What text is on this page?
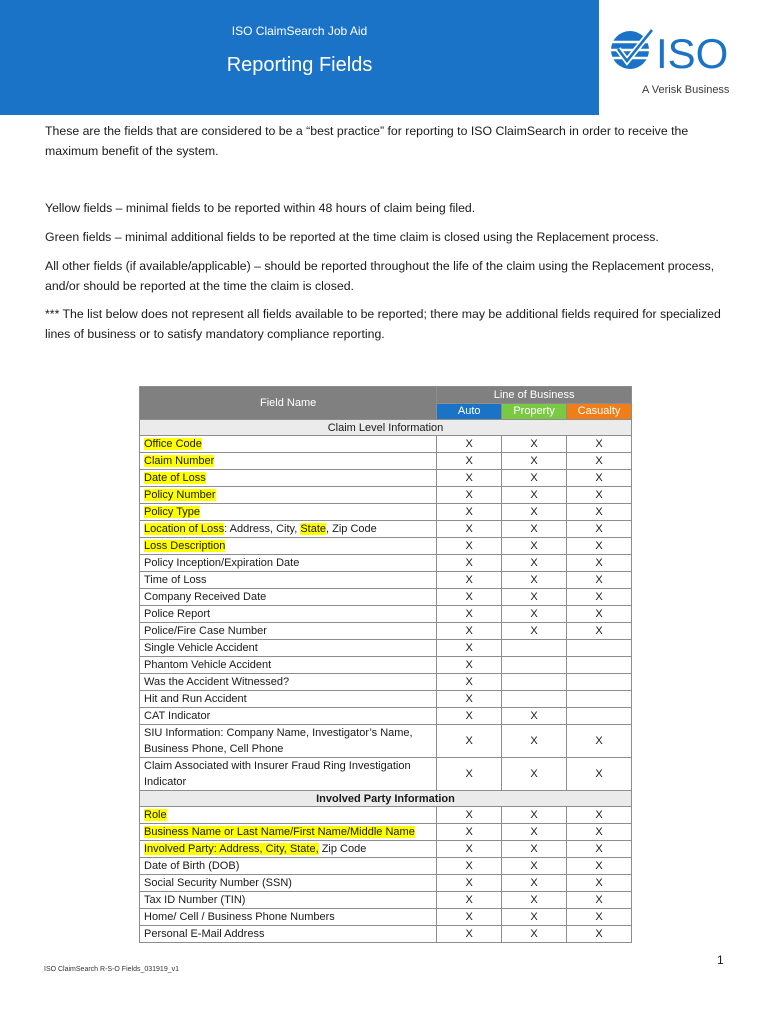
ISO ClaimSearch Job Aid
Reporting Fields	ISO
A Verisk Business

These are the fields that are considered to be a “best practice” for reporting to ISO ClaimSearch in order to receive the maximum benefit of the system.

Yellow fields – minimal fields to be reported within 48 hours of claim being filed.

Green fields – minimal additional fields to be reported at the time claim is closed using the Replacement process.

All other fields (if available/applicable) – should be reported throughout the life of the claim using the Replacement process, and/or should be reported at the time the claim is closed.

*** The list below does not represent all fields available to be reported; there may be additional fields required for specialized lines of business or to satisfy mandatory compliance reporting.

Field Name	Line of Business		
	Auto	Property	Casualty
Claim Level Information			
Office Code	X	X	X
Claim Number	X	X	X
Date of Loss	X	X	X
Policy Number	X	X	X
Policy Type	X	X	X
Location of Loss: Address, City, State, Zip Code	X	X	X
Loss Description	X	X	X
Policy Inception/Expiration Date	X	X	X
Time of Loss	X	X	X
Company Received Date	X	X	X
Police Report	X	X	X
Police/Fire Case Number	X	X	X
Single Vehicle Accident	X		
Phantom Vehicle Accident	X		
Was the Accident Witnessed?	X		
Hit and Run Accident	X		
CAT Indicator	X	X	
SIU Information: Company Name, Investigator’s Name, Business Phone, Cell Phone	X	X	X
Claim Associated with Insurer Fraud Ring Investigation Indicator	X	X	X
Involved Party Information			
Role	X	X	X
Business Name or Last Name/First Name/Middle Name	X	X	X
Involved Party: Address, City, State, Zip Code	X	X	X
Date of Birth (DOB)	X	X	X
Social Security Number (SSN)	X	X	X
Tax ID Number (TIN)	X	X	X
Home/ Cell / Business Phone Numbers	X	X	X
Personal E-Mail Address	X	X	X
1
ISO ClaimSearch R-S-O Fields_031919_v1
